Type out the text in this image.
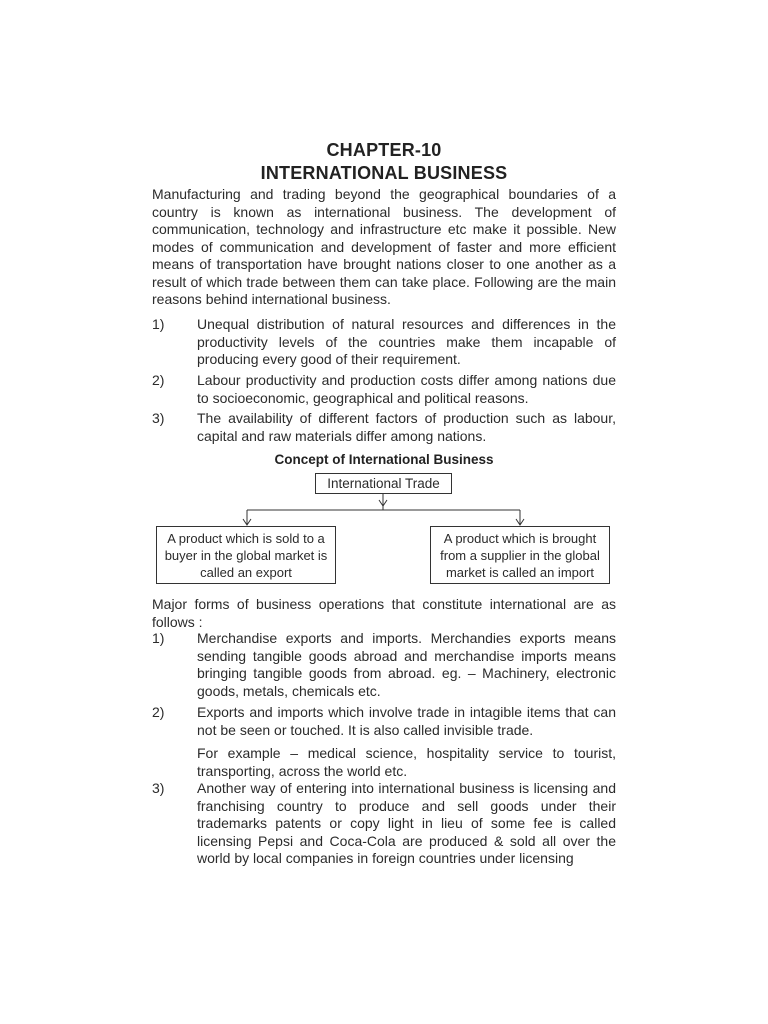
CHAPTER-10
INTERNATIONAL BUSINESS

Manufacturing and trading beyond the geographical boundaries of a country is known as international business. The development of communication, technology and infrastructure etc make it possible. New modes of communication and development of faster and more efficient means of transportation have brought nations closer to one another as a result of which trade between them can take place. Following are the main reasons behind international business.

1)	Unequal distribution of natural resources and differences in the productivity levels of the countries make them incapable of producing every good of their requirement.
2)	Labour productivity and production costs differ among nations due to socioeconomic, geographical and political reasons.
3)	The availability of different factors of production such as labour, capital and raw materials differ among nations.
Concept of International Business
International Trade
A product which is sold to a buyer in the global market is called an export
A product which is brought from a supplier in the global market is called an import

Major forms of business operations that constitute international are as follows :

1)	Merchandise exports and imports. Merchandies exports means sending tangible goods abroad and merchandise imports means bringing tangible goods from abroad. eg. – Machinery, electronic goods, metals, chemicals etc.
2)	Exports and imports which involve trade in intagible items that can not be seen or touched. It is also called invisible trade.
For example – medical science, hospitality service to tourist, transporting, across the world etc.
3)	Another way of entering into international business is licensing and franchising country to produce and sell goods under their trademarks patents or copy light in lieu of some fee is called licensing Pepsi and Coca-Cola are produced & sold all over the world by local companies in foreign countries under licensing
